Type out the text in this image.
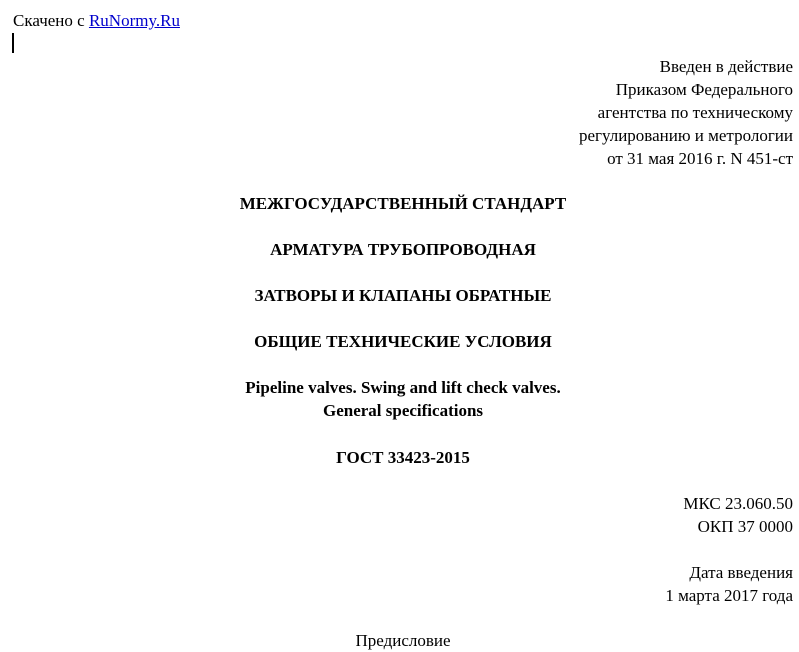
Скачено с RuNormy.Ru
Введен в действие
Приказом Федерального
агентства по техническому
регулированию и метрологии
от 31 мая 2016 г. N 451-ст
МЕЖГОСУДАРСТВЕННЫЙ СТАНДАРТ
АРМАТУРА ТРУБОПРОВОДНАЯ
ЗАТВОРЫ И КЛАПАНЫ ОБРАТНЫЕ
ОБЩИЕ ТЕХНИЧЕСКИЕ УСЛОВИЯ
Pipeline valves. Swing and lift check valves.
General specifications
ГОСТ 33423-2015
МКС 23.060.50
ОКП 37 0000
Дата введения
1 марта 2017 года
Предисловие
